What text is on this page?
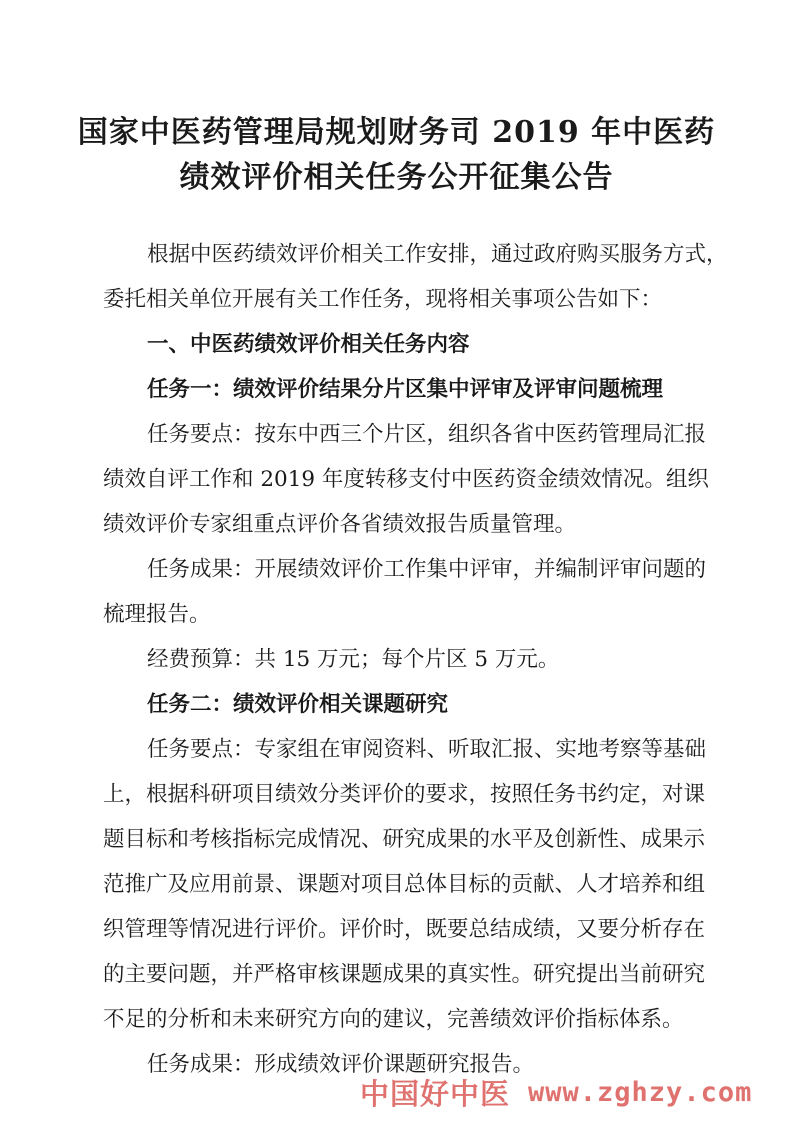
国家中医药管理局规划财务司 2019 年中医药
绩效评价相关任务公开征集公告
根据中医药绩效评价相关工作安排，通过政府购买服务方式，
委托相关单位开展有关工作任务，现将相关事项公告如下：
一、中医药绩效评价相关任务内容
任务一：绩效评价结果分片区集中评审及评审问题梳理
任务要点：按东中西三个片区，组织各省中医药管理局汇报
绩效自评工作和 2019 年度转移支付中医药资金绩效情况。组织
绩效评价专家组重点评价各省绩效报告质量管理。
任务成果：开展绩效评价工作集中评审，并编制评审问题的
梳理报告。
经费预算：共 15 万元；每个片区 5 万元。
任务二：绩效评价相关课题研究
任务要点：专家组在审阅资料、听取汇报、实地考察等基础
上，根据科研项目绩效分类评价的要求，按照任务书约定，对课
题目标和考核指标完成情况、研究成果的水平及创新性、成果示
范推广及应用前景、课题对项目总体目标的贡献、人才培养和组
织管理等情况进行评价。评价时，既要总结成绩，又要分析存在
的主要问题，并严格审核课题成果的真实性。研究提出当前研究
不足的分析和未来研究方向的建议，完善绩效评价指标体系。
任务成果：形成绩效评价课题研究报告。
中国好中医 www.zghzy.com
